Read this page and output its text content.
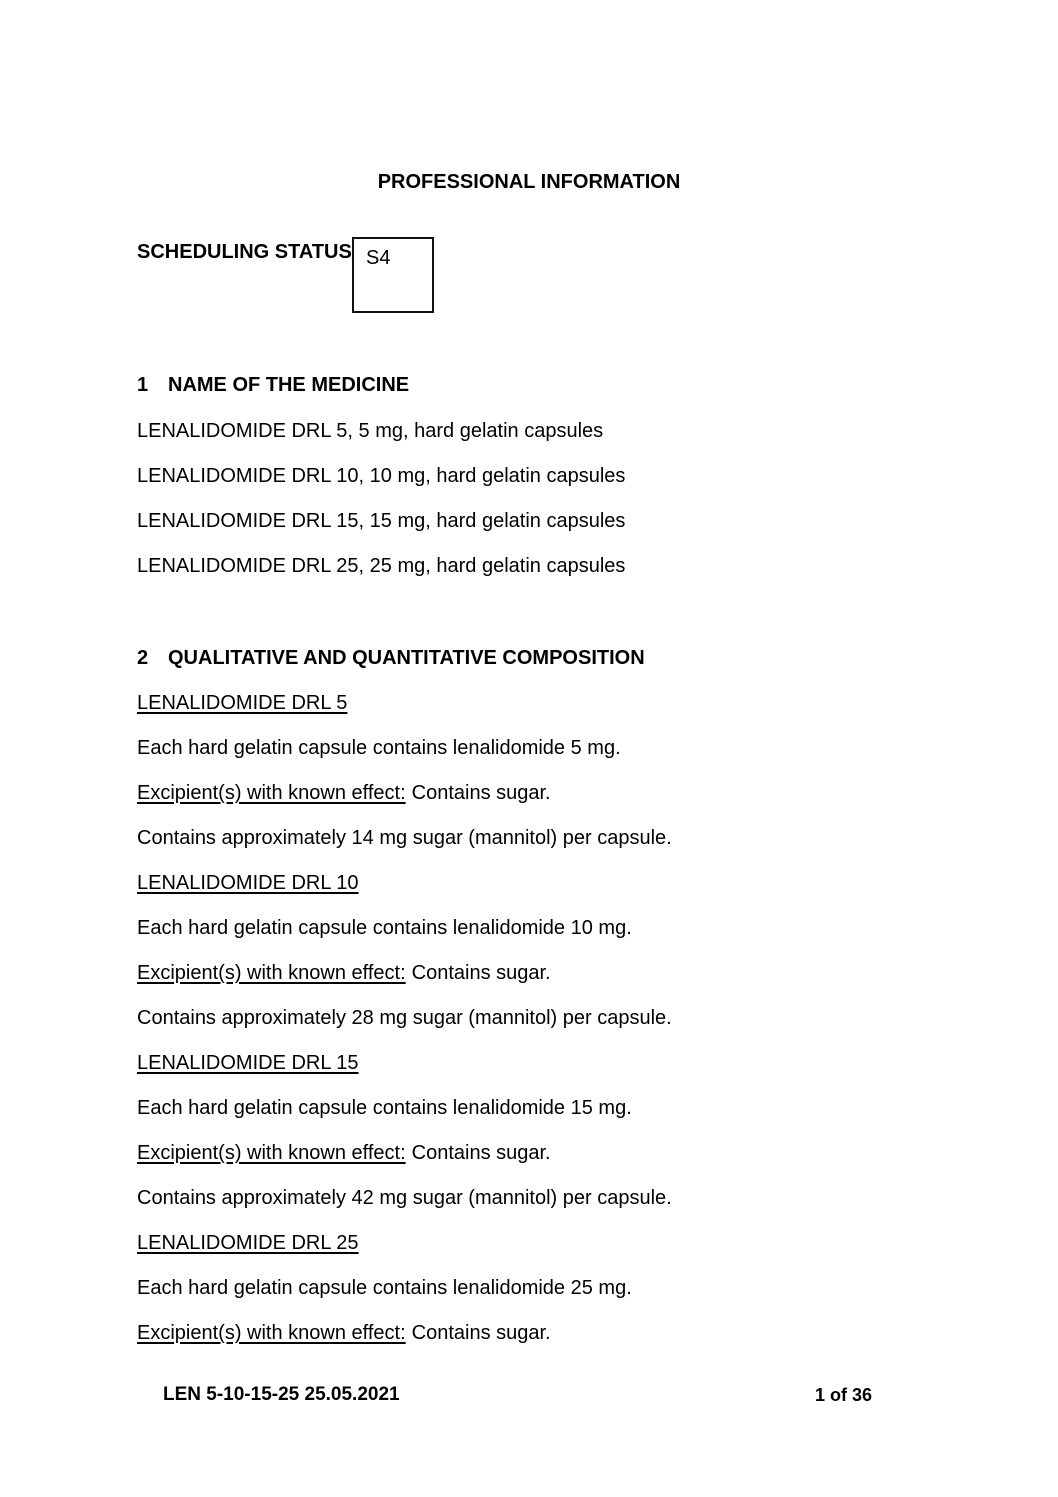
PROFESSIONAL INFORMATION
SCHEDULING STATUS S4
1 NAME OF THE MEDICINE
LENALIDOMIDE DRL 5, 5 mg, hard gelatin capsules
LENALIDOMIDE DRL 10, 10 mg, hard gelatin capsules
LENALIDOMIDE DRL 15, 15 mg, hard gelatin capsules
LENALIDOMIDE DRL 25, 25 mg, hard gelatin capsules
2 QUALITATIVE AND QUANTITATIVE COMPOSITION
LENALIDOMIDE DRL 5
Each hard gelatin capsule contains lenalidomide 5 mg.
Excipient(s) with known effect: Contains sugar.
Contains approximately 14 mg sugar (mannitol) per capsule.
LENALIDOMIDE DRL 10
Each hard gelatin capsule contains lenalidomide 10 mg.
Excipient(s) with known effect: Contains sugar.
Contains approximately 28 mg sugar (mannitol) per capsule.
LENALIDOMIDE DRL 15
Each hard gelatin capsule contains lenalidomide 15 mg.
Excipient(s) with known effect: Contains sugar.
Contains approximately 42 mg sugar (mannitol) per capsule.
LENALIDOMIDE DRL 25
Each hard gelatin capsule contains lenalidomide 25 mg.
Excipient(s) with known effect: Contains sugar.
LEN 5-10-15-25 25.05.2021	1 of 36
